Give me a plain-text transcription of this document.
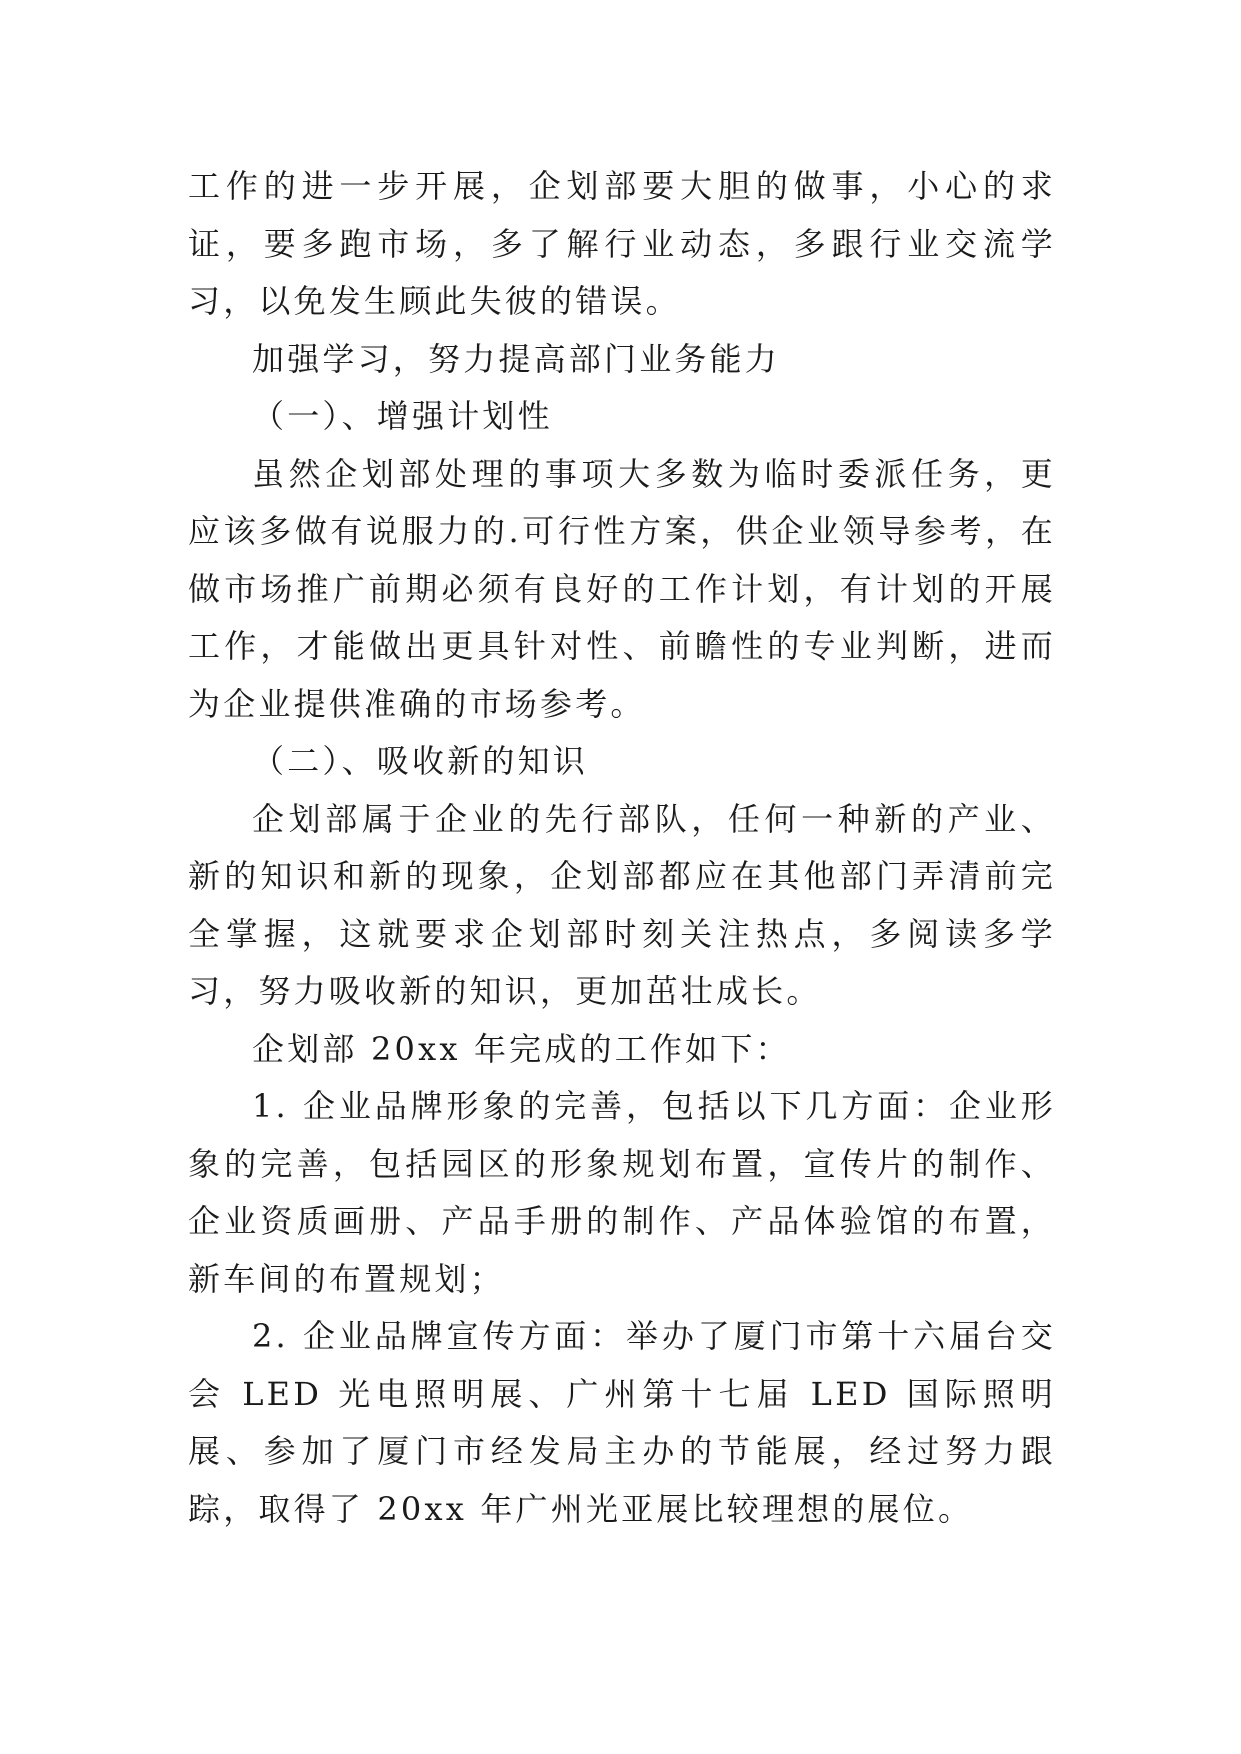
工作的进一步开展，企划部要大胆的做事，小心的求证，要多跑市场，多了解行业动态，多跟行业交流学习，以免发生顾此失彼的错误。

加强学习，努力提高部门业务能力

（一）、增强计划性

虽然企划部处理的事项大多数为临时委派任务，更应该多做有说服力的.可行性方案，供企业领导参考，在做市场推广前期必须有良好的工作计划，有计划的开展工作，才能做出更具针对性、前瞻性的专业判断，进而为企业提供准确的市场参考。

（二）、吸收新的知识

企划部属于企业的先行部队，任何一种新的产业、新的知识和新的现象，企划部都应在其他部门弄清前完全掌握，这就要求企划部时刻关注热点，多阅读多学习，努力吸收新的知识，更加茁壮成长。

企划部 20xx 年完成的工作如下：

1. 企业品牌形象的完善，包括以下几方面：企业形象的完善，包括园区的形象规划布置，宣传片的制作、企业资质画册、产品手册的制作、产品体验馆的布置，新车间的布置规划；

2. 企业品牌宣传方面：举办了厦门市第十六届台交会 LED 光电照明展、广州第十七届 LED 国际照明展、参加了厦门市经发局主办的节能展，经过努力跟踪，取得了 20xx 年广州光亚展比较理想的展位。
